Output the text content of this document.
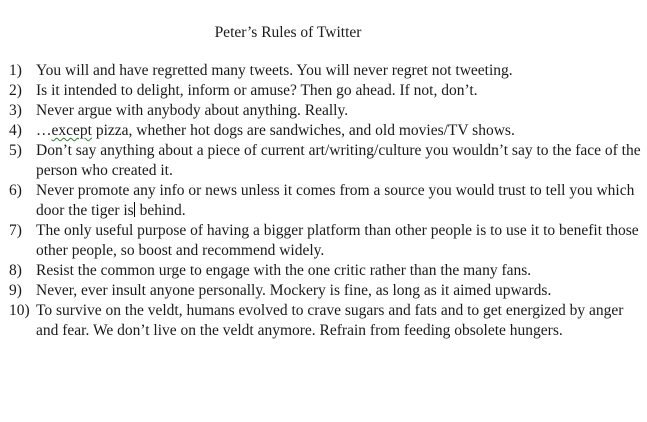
Peter’s Rules of Twitter
1) You will and have regretted many tweets. You will never regret not tweeting.
2) Is it intended to delight, inform or amuse? Then go ahead. If not, don’t.
3) Never argue with anybody about anything. Really.
4) …except pizza, whether hot dogs are sandwiches, and old movies/TV shows.
5) Don’t say anything about a piece of current art/writing/culture you wouldn’t say to the face of the person who created it.
6) Never promote any info or news unless it comes from a source you would trust to tell you which door the tiger is behind.
7) The only useful purpose of having a bigger platform than other people is to use it to benefit those other people, so boost and recommend widely.
8) Resist the common urge to engage with the one critic rather than the many fans.
9) Never, ever insult anyone personally. Mockery is fine, as long as it aimed upwards.
10) To survive on the veldt, humans evolved to crave sugars and fats and to get energized by anger and fear. We don’t live on the veldt anymore. Refrain from feeding obsolete hungers.
